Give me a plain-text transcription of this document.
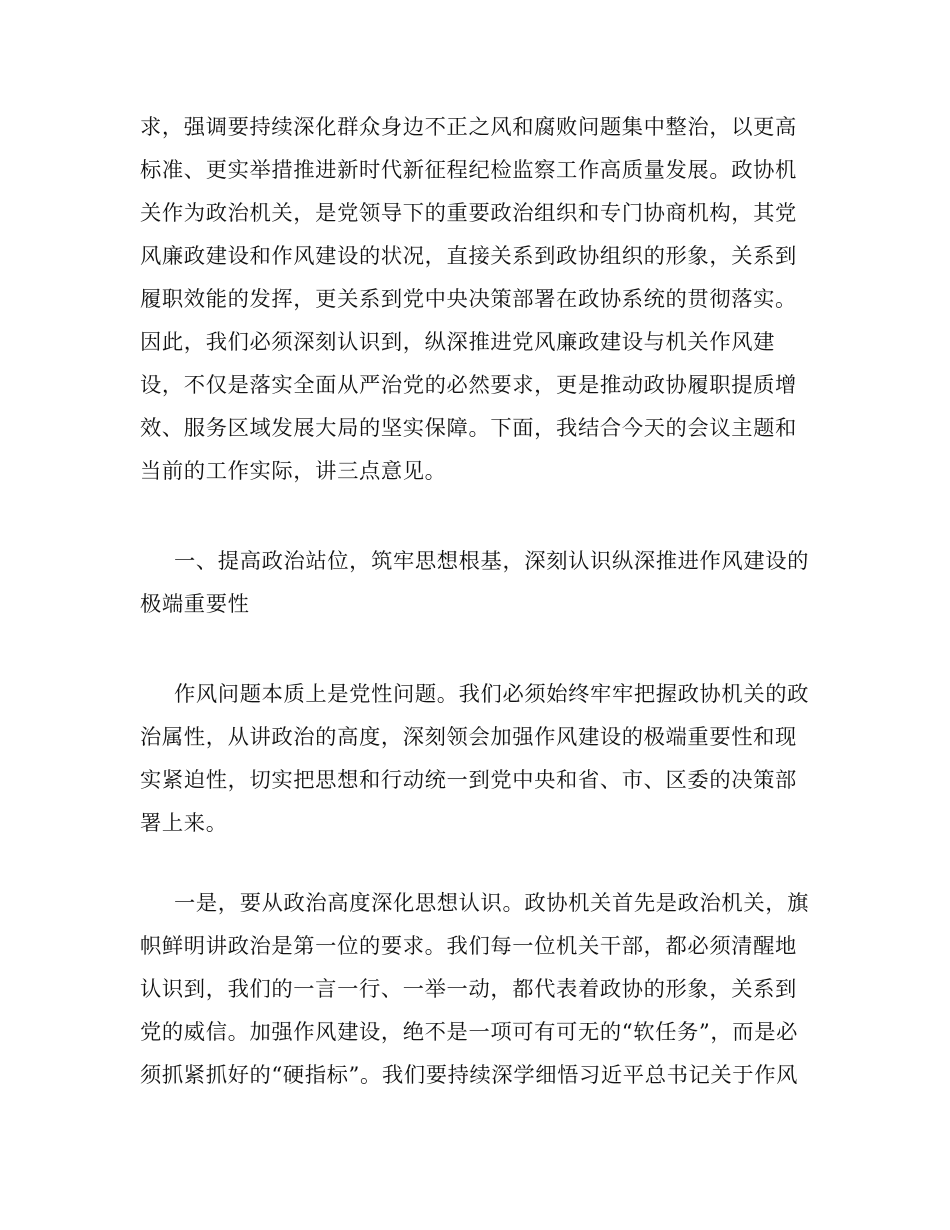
求，强调要持续深化群众身边不正之风和腐败问题集中整治，以更高

标准、更实举措推进新时代新征程纪检监察工作高质量发展。政协机

关作为政治机关，是党领导下的重要政治组织和专门协商机构，其党

风廉政建设和作风建设的状况，直接关系到政协组织的形象，关系到

履职效能的发挥，更关系到党中央决策部署在政协系统的贯彻落实。

因此，我们必须深刻认识到，纵深推进党风廉政建设与机关作风建

设，不仅是落实全面从严治党的必然要求，更是推动政协履职提质增

效、服务区域发展大局的坚实保障。下面，我结合今天的会议主题和

当前的工作实际，讲三点意见。

一、提高政治站位，筑牢思想根基，深刻认识纵深推进作风建设的

极端重要性

作风问题本质上是党性问题。我们必须始终牢牢把握政协机关的政

治属性，从讲政治的高度，深刻领会加强作风建设的极端重要性和现

实紧迫性，切实把思想和行动统一到党中央和省、市、区委的决策部

署上来。

一是，要从政治高度深化思想认识。政协机关首先是政治机关，旗

帜鲜明讲政治是第一位的要求。我们每一位机关干部，都必须清醒地

认识到，我们的一言一行、一举一动，都代表着政协的形象，关系到

党的威信。加强作风建设，绝不是一项可有可无的“软任务”，而是必

须抓紧抓好的“硬指标”。我们要持续深学细悟习近平总书记关于作风
